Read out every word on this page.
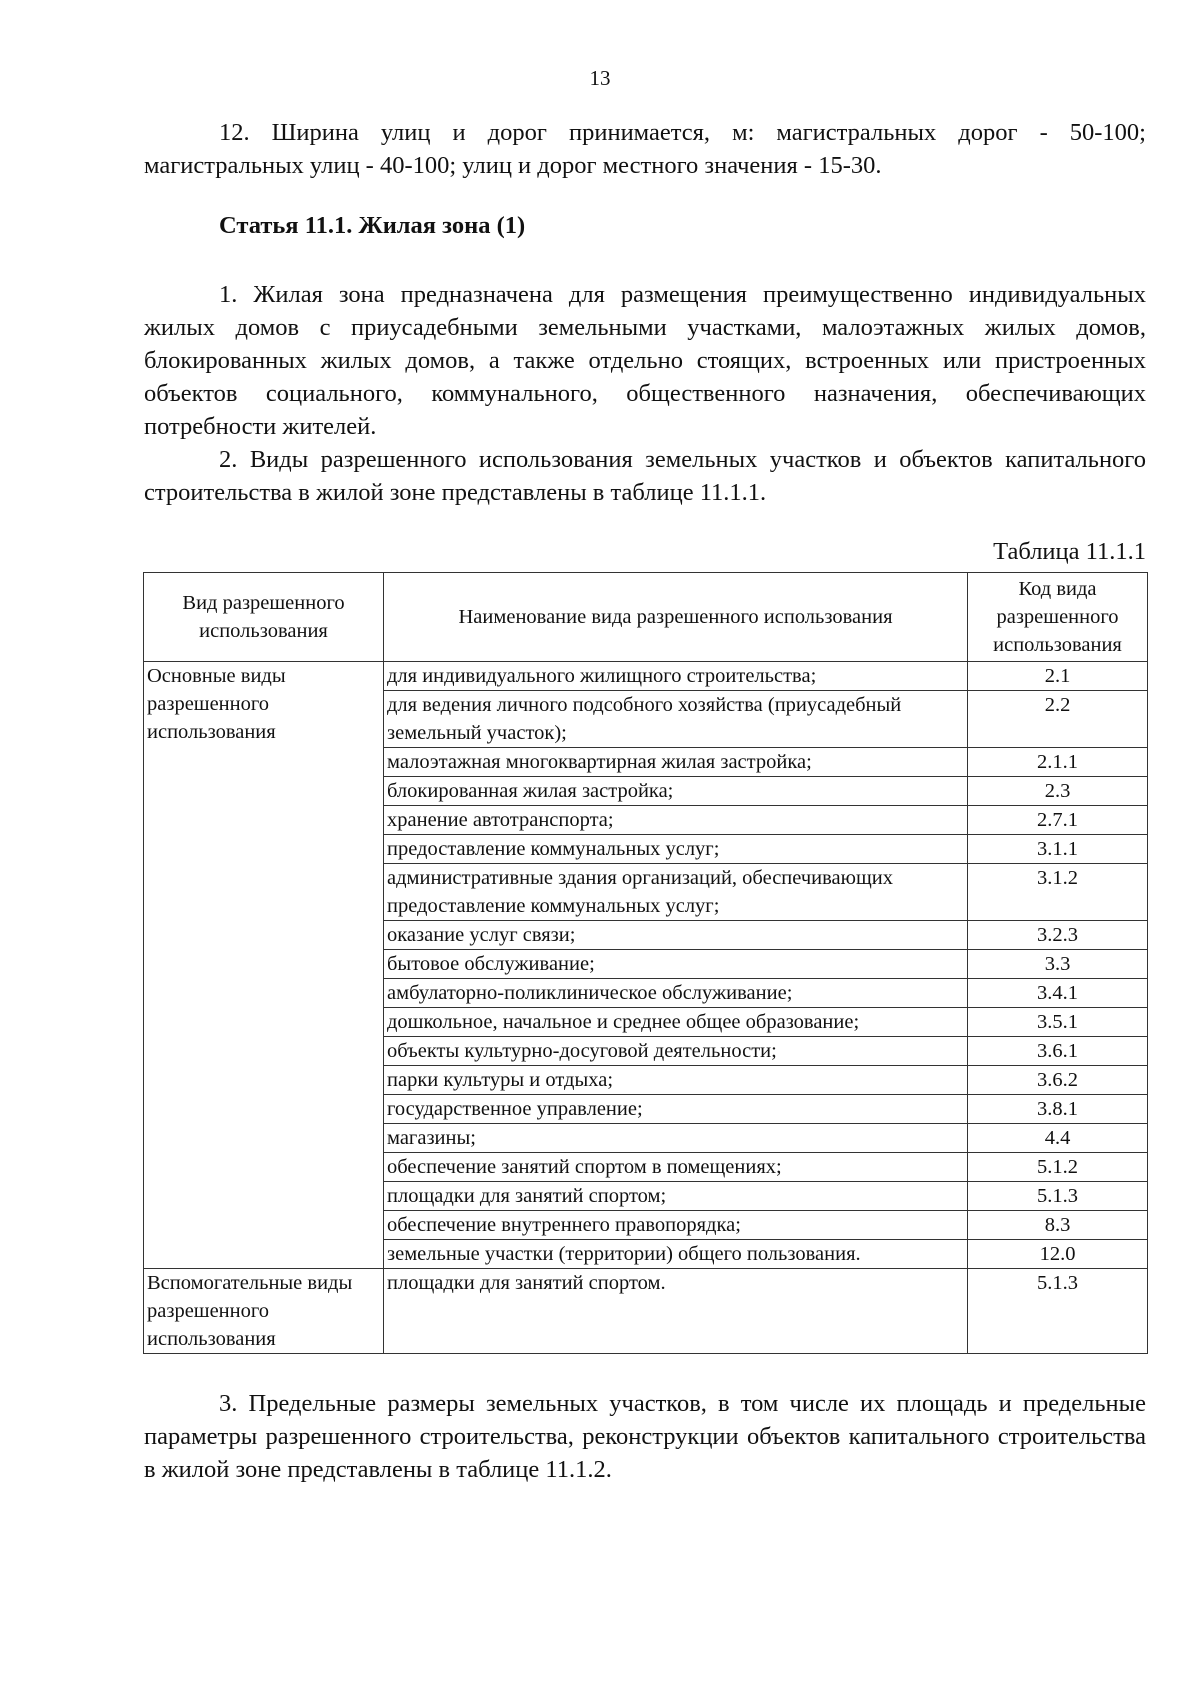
13

12. Ширина улиц и дорог принимается, м: магистральных дорог - 50-100; магистральных улиц - 40-100; улиц и дорог местного значения - 15-30.

Статья 11.1. Жилая зона (1)

1. Жилая зона предназначена для размещения преимущественно индивидуальных жилых домов с приусадебными земельными участками, малоэтажных жилых домов, блокированных жилых домов, а также отдельно стоящих, встроенных или пристроенных объектов социального, коммунального, общественного назначения, обеспечивающих потребности жителей.

2. Виды разрешенного использования земельных участков и объектов капитального строительства в жилой зоне представлены в таблице 11.1.1.

Таблица 11.1.1
Вид разрешенного использования	Наименование вида разрешенного использования	Код вида разрешенного использования
Основные виды разрешенного использования	для индивидуального жилищного строительства;	2.1
	для ведения личного подсобного хозяйства (приусадебный земельный участок);	2.2
	малоэтажная многоквартирная жилая застройка;	2.1.1
	блокированная жилая застройка;	2.3
	хранение автотранспорта;	2.7.1
	предоставление коммунальных услуг;	3.1.1
	административные здания организаций, обеспечивающих предоставление коммунальных услуг;	3.1.2
	оказание услуг связи;	3.2.3
	бытовое обслуживание;	3.3
	амбулаторно-поликлиническое обслуживание;	3.4.1
	дошкольное, начальное и среднее общее образование;	3.5.1
	объекты культурно-досуговой деятельности;	3.6.1
	парки культуры и отдыха;	3.6.2
	государственное управление;	3.8.1
	магазины;	4.4
	обеспечение занятий спортом в помещениях;	5.1.2
	площадки для занятий спортом;	5.1.3
	обеспечение внутреннего правопорядка;	8.3
	земельные участки (территории) общего пользования.	12.0
Вспомогательные виды разрешенного использования	площадки для занятий спортом.	5.1.3

3. Предельные размеры земельных участков, в том числе их площадь и предельные параметры разрешенного строительства, реконструкции объектов капитального строительства в жилой зоне представлены в таблице 11.1.2.
